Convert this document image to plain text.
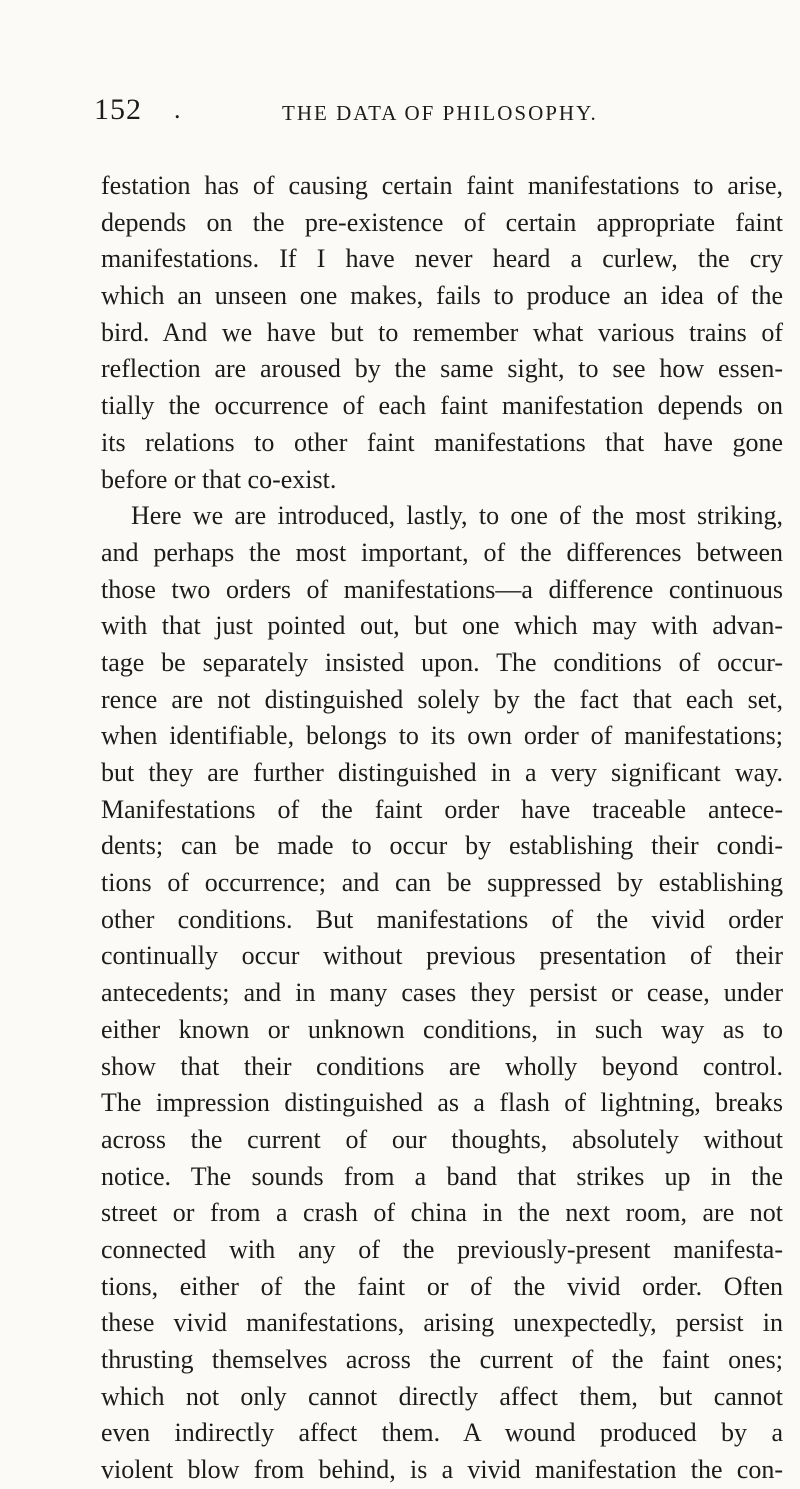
152	THE DATA OF PHILOSOPHY.
.
festation has of causing certain faint manifestations to arise,
depends on the pre-existence of certain appropriate faint
manifestations. If I have never heard a curlew, the cry
which an unseen one makes, fails to produce an idea of the
bird. And we have but to remember what various trains of
reflection are aroused by the same sight, to see how essen-
tially the occurrence of each faint manifestation depends on
its relations to other faint manifestations that have gone
before or that co-exist.
Here we are introduced, lastly, to one of the most striking,
and perhaps the most important, of the differences between
those two orders of manifestations—a difference continuous
with that just pointed out, but one which may with advan-
tage be separately insisted upon. The conditions of occur-
rence are not distinguished solely by the fact that each set,
when identifiable, belongs to its own order of manifestations;
but they are further distinguished in a very significant way.
Manifestations of the faint order have traceable antece-
dents; can be made to occur by establishing their condi-
tions of occurrence; and can be suppressed by establishing
other conditions. But manifestations of the vivid order
continually occur without previous presentation of their
antecedents; and in many cases they persist or cease, under
either known or unknown conditions, in such way as to
show that their conditions are wholly beyond control.
The impression distinguished as a flash of lightning, breaks
across the current of our thoughts, absolutely without
notice. The sounds from a band that strikes up in the
street or from a crash of china in the next room, are not
connected with any of the previously-present manifesta-
tions, either of the faint or of the vivid order. Often
these vivid manifestations, arising unexpectedly, persist in
thrusting themselves across the current of the faint ones;
which not only cannot directly affect them, but cannot
even indirectly affect them. A wound produced by a
violent blow from behind, is a vivid manifestation the con-
